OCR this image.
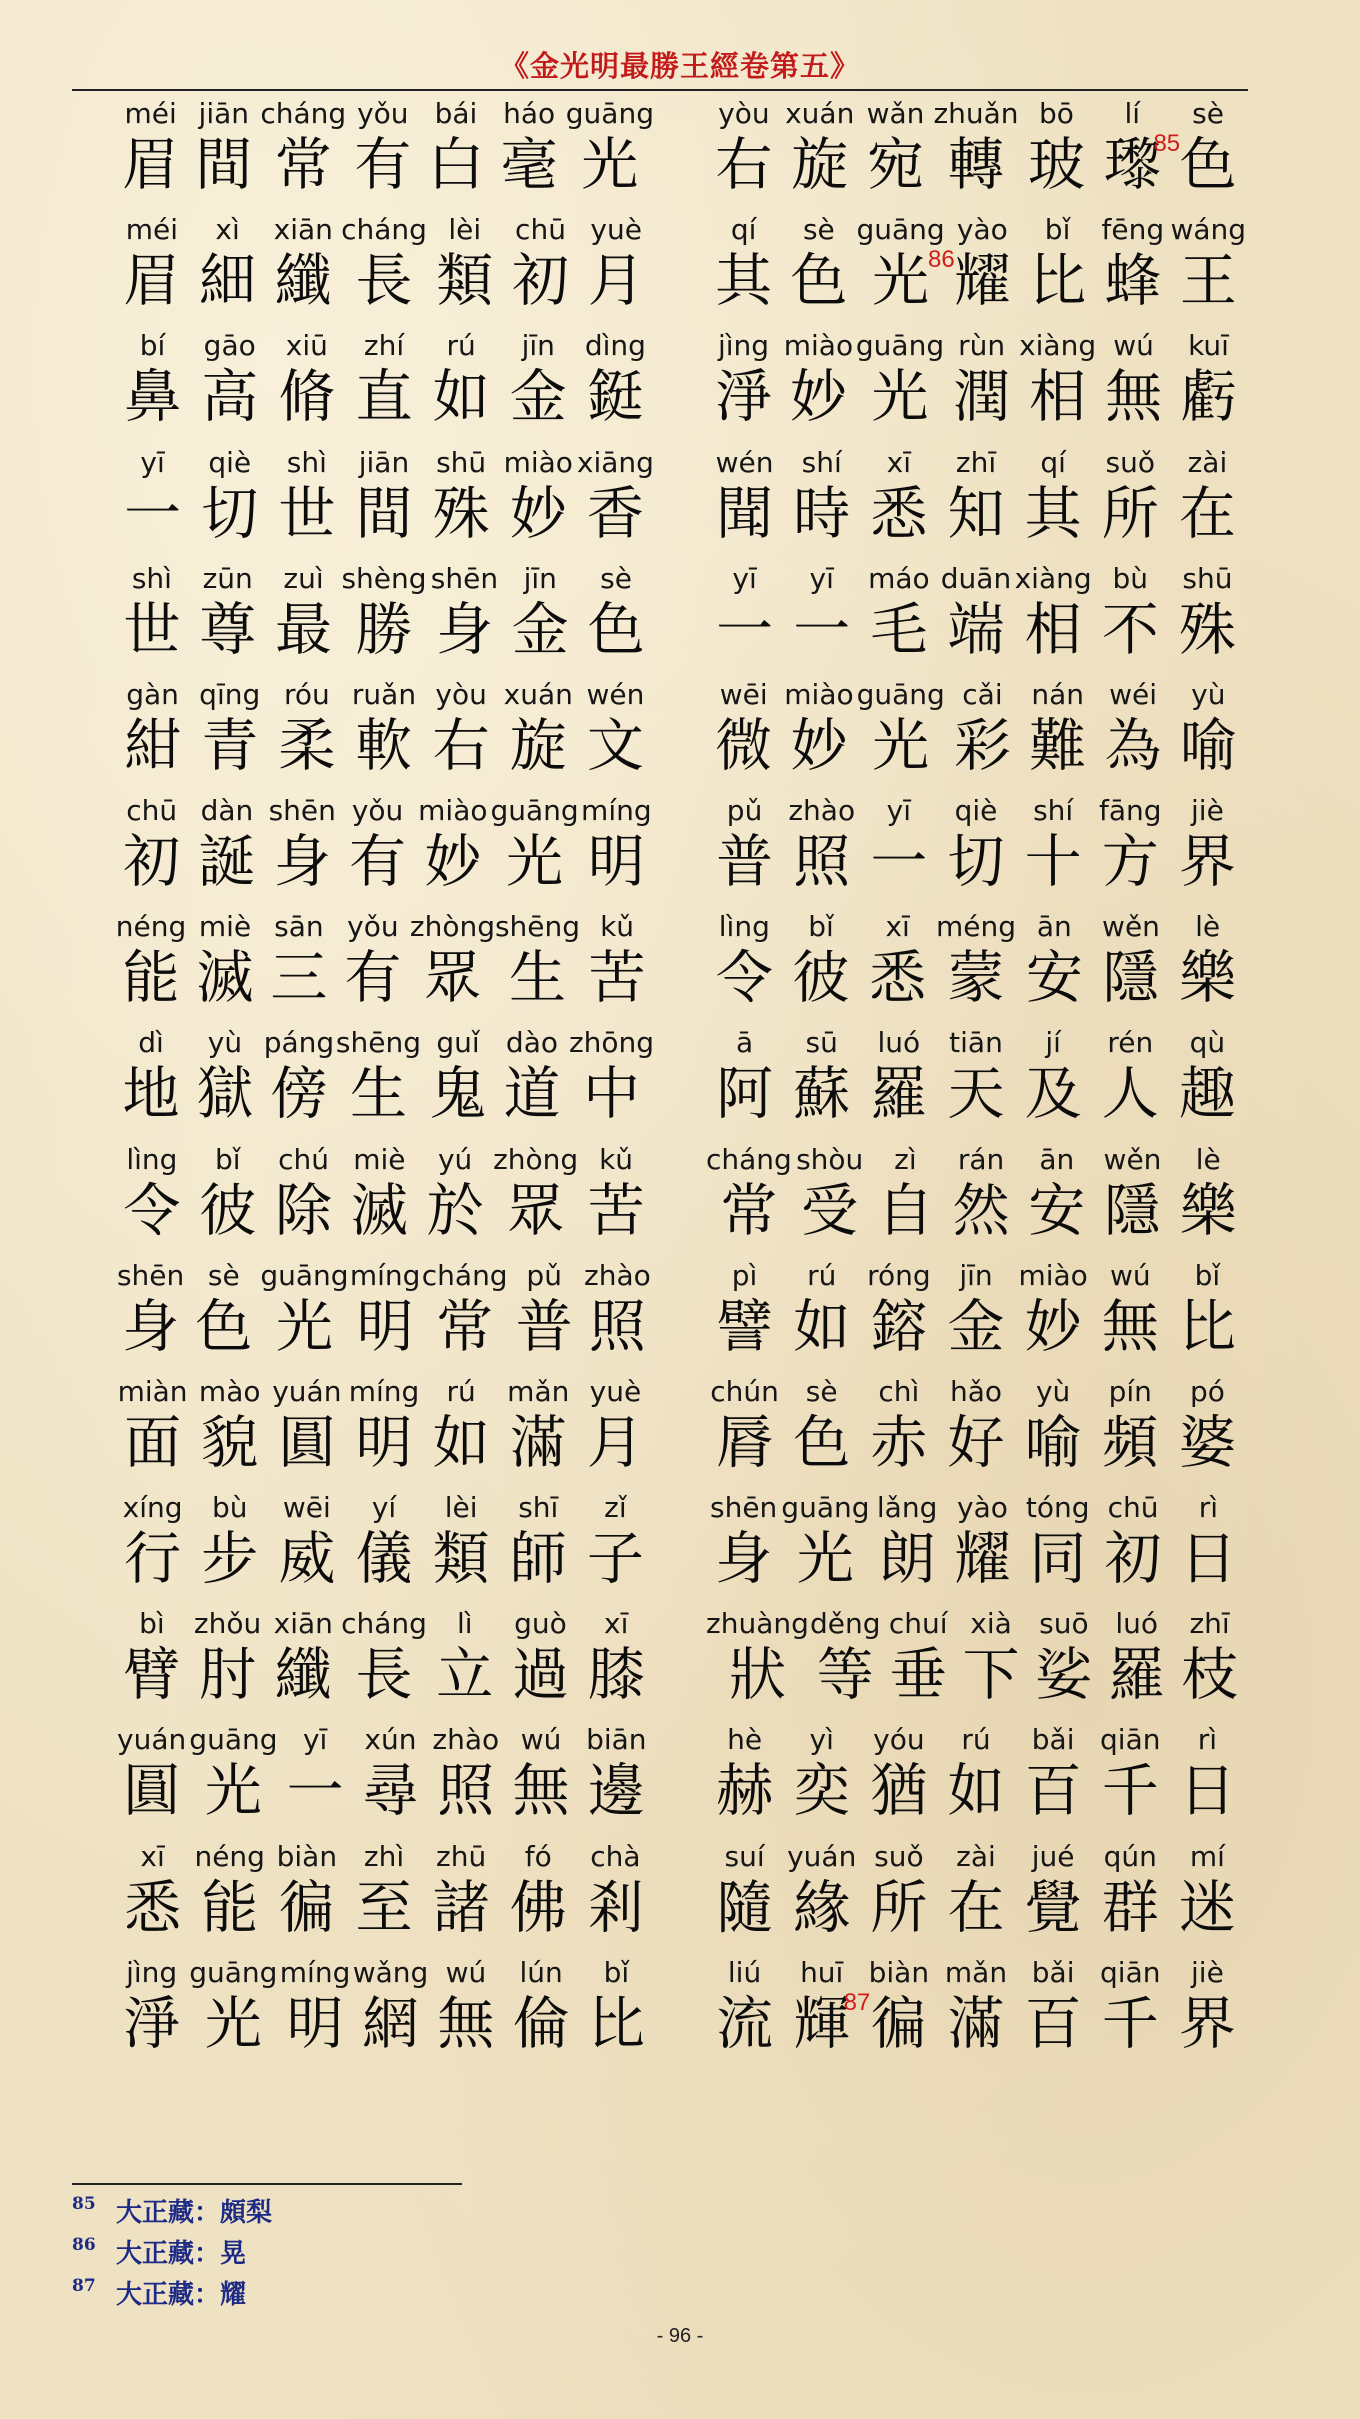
《金光明最勝王經卷第五》
méi
眉
jiān
間
cháng
常
yǒu
有
bái
白
háo
毫
guāng
光
yòu
右
xuán
旋
wǎn
宛
zhuǎn
轉
bō
玻
lí
瓈
85
sè
色
méi
眉
xì
細
xiān
纖
cháng
長
lèi
類
chū
初
yuè
月
qí
其
sè
色
guāng
光
86
yào
耀
bǐ
比
fēng
蜂
wáng
王
bí
鼻
gāo
高
xiū
脩
zhí
直
rú
如
jīn
金
dìng
鋌
jìng
淨
miào
妙
guāng
光
rùn
潤
xiàng
相
wú
無
kuī
虧
yī
一
qiè
切
shì
世
jiān
間
shū
殊
miào
妙
xiāng
香
wén
聞
shí
時
xī
悉
zhī
知
qí
其
suǒ
所
zài
在
shì
世
zūn
尊
zuì
最
shèng
勝
shēn
身
jīn
金
sè
色
yī
一
yī
一
máo
毛
duān
端
xiàng
相
bù
不
shū
殊
gàn
紺
qīng
青
róu
柔
ruǎn
軟
yòu
右
xuán
旋
wén
文
wēi
微
miào
妙
guāng
光
cǎi
彩
nán
難
wéi
為
yù
喻
chū
初
dàn
誕
shēn
身
yǒu
有
miào
妙
guāng
光
míng
明
pǔ
普
zhào
照
yī
一
qiè
切
shí
十
fāng
方
jiè
界
néng
能
miè
滅
sān
三
yǒu
有
zhòng
眾
shēng
生
kǔ
苦
lìng
令
bǐ
彼
xī
悉
méng
蒙
ān
安
wěn
隱
lè
樂
dì
地
yù
獄
páng
傍
shēng
生
guǐ
鬼
dào
道
zhōng
中
ā
阿
sū
蘇
luó
羅
tiān
天
jí
及
rén
人
qù
趣
lìng
令
bǐ
彼
chú
除
miè
滅
yú
於
zhòng
眾
kǔ
苦
cháng
常
shòu
受
zì
自
rán
然
ān
安
wěn
隱
lè
樂
shēn
身
sè
色
guāng
光
míng
明
cháng
常
pǔ
普
zhào
照
pì
譬
rú
如
róng
鎔
jīn
金
miào
妙
wú
無
bǐ
比
miàn
面
mào
貌
yuán
圓
míng
明
rú
如
mǎn
滿
yuè
月
chún
脣
sè
色
chì
赤
hǎo
好
yù
喻
pín
頻
pó
婆
xíng
行
bù
步
wēi
威
yí
儀
lèi
類
shī
師
zǐ
子
shēn
身
guāng
光
lǎng
朗
yào
耀
tóng
同
chū
初
rì
日
bì
臂
zhǒu
肘
xiān
纖
cháng
長
lì
立
guò
過
xī
膝
zhuàng
狀
děng
等
chuí
垂
xià
下
suō
娑
luó
羅
zhī
枝
yuán
圓
guāng
光
yī
一
xún
尋
zhào
照
wú
無
biān
邊
hè
赫
yì
奕
yóu
猶
rú
如
bǎi
百
qiān
千
rì
日
xī
悉
néng
能
biàn
徧
zhì
至
zhū
諸
fó
佛
chà
剎
suí
隨
yuán
緣
suǒ
所
zài
在
jué
覺
qún
群
mí
迷
jìng
淨
guāng
光
míng
明
wǎng
網
wú
無
lún
倫
bǐ
比
liú
流
huī
輝
87
biàn
徧
mǎn
滿
bǎi
百
qiān
千
jiè
界
85 大正藏：頗梨
86 大正藏：晃
87 大正藏：耀
- 96 -
